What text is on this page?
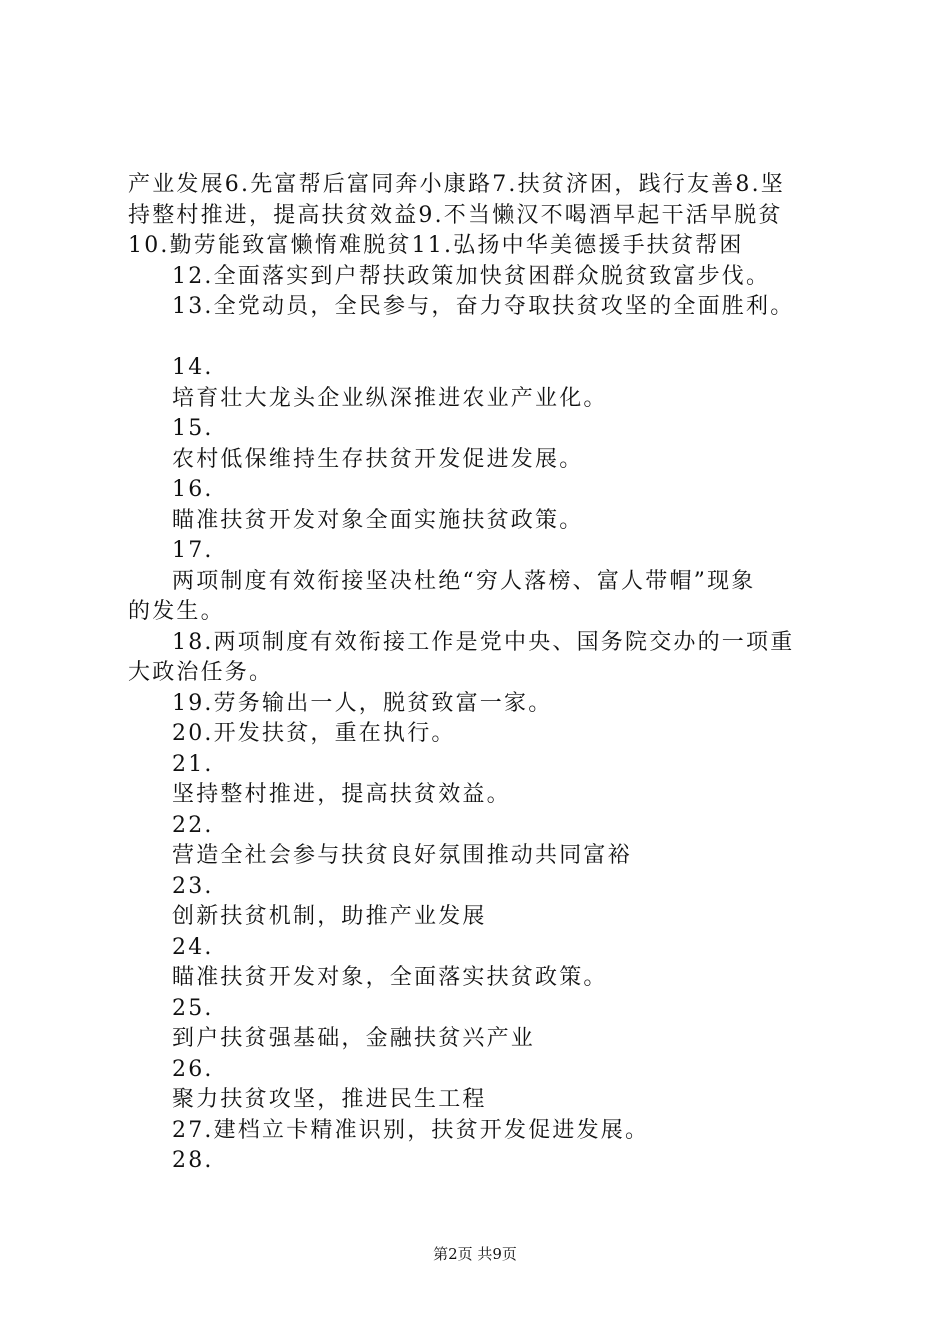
产业发展6.先富帮后富同奔小康路7.扶贫济困，践行友善8.坚
持整村推进，提高扶贫效益9.不当懒汉不喝酒早起干活早脱贫
10.勤劳能致富懒惰难脱贫11.弘扬中华美德援手扶贫帮困
12.全面落实到户帮扶政策加快贫困群众脱贫致富步伐。
13.全党动员，全民参与，奋力夺取扶贫攻坚的全面胜利。
14.
培育壮大龙头企业纵深推进农业产业化。
15.
农村低保维持生存扶贫开发促进发展。
16.
瞄准扶贫开发对象全面实施扶贫政策。
17.
两项制度有效衔接坚决杜绝“穷人落榜、富人带帽”现象
的发生。
18.两项制度有效衔接工作是党中央、国务院交办的一项重
大政治任务。
19.劳务输出一人，脱贫致富一家。
20.开发扶贫，重在执行。
21.
坚持整村推进，提高扶贫效益。
22.
营造全社会参与扶贫良好氛围推动共同富裕
23.
创新扶贫机制，助推产业发展
24.
瞄准扶贫开发对象，全面落实扶贫政策。
25.
到户扶贫强基础，金融扶贫兴产业
26.
聚力扶贫攻坚，推进民生工程
27.建档立卡精准识别，扶贫开发促进发展。
28.
第2页 共9页
